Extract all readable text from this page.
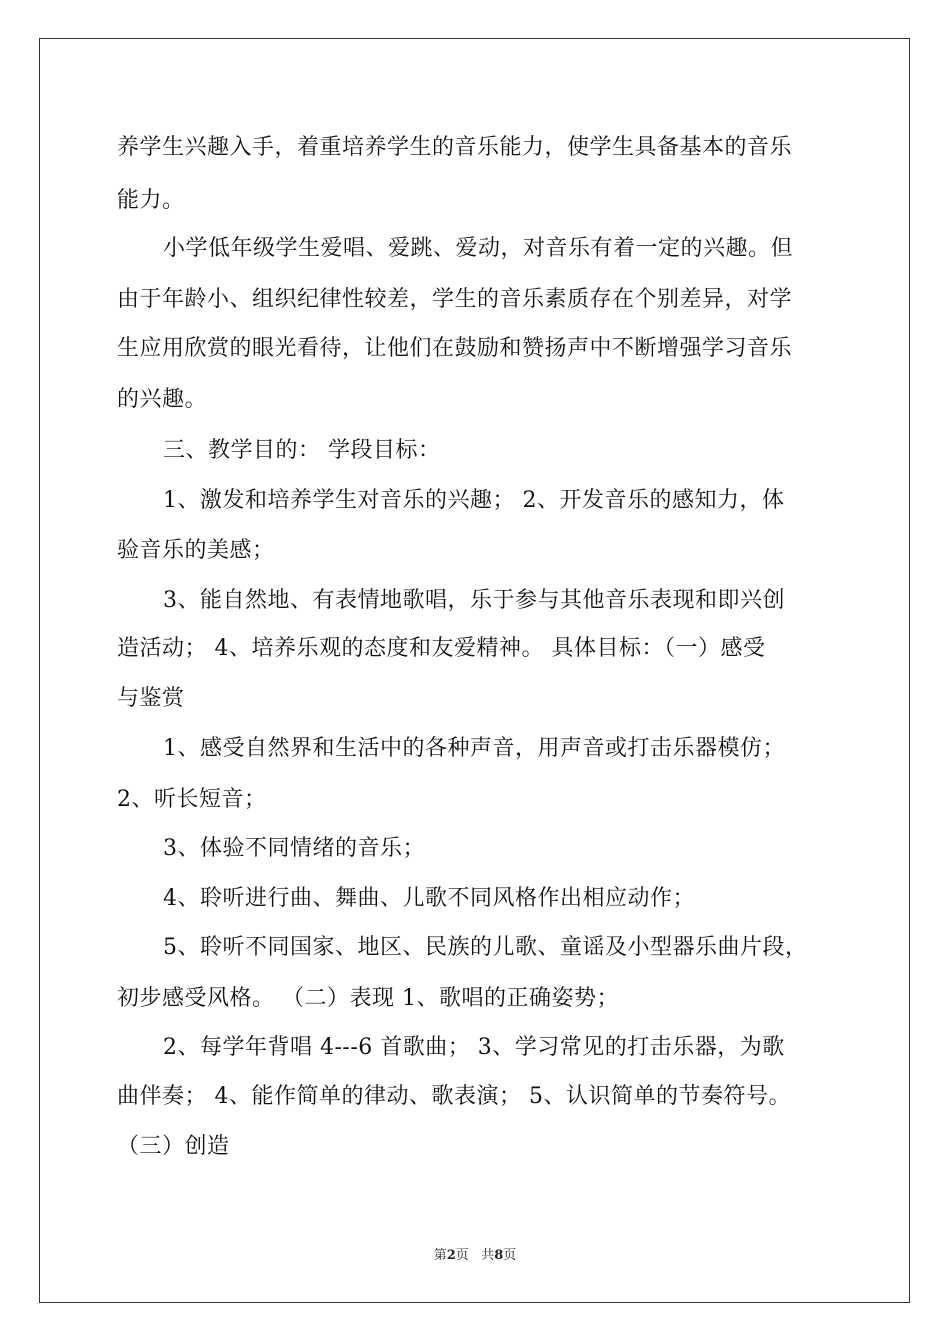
养学生兴趣入手，着重培养学生的音乐能力，使学生具备基本的音乐
能力。
小学低年级学生爱唱、爱跳、爱动，对音乐有着一定的兴趣。但
由于年龄小、组织纪律性较差，学生的音乐素质存在个别差异，对学
生应用欣赏的眼光看待，让他们在鼓励和赞扬声中不断增强学习音乐
的兴趣。
三、教学目的： 学段目标：
1、激发和培养学生对音乐的兴趣； 2、开发音乐的感知力，体
验音乐的美感；
3、能自然地、有表情地歌唱，乐于参与其他音乐表现和即兴创
造活动； 4、培养乐观的态度和友爱精神。 具体目标：（一）感受
与鉴赏
1、感受自然界和生活中的各种声音，用声音或打击乐器模仿；
2、听长短音；
3、体验不同情绪的音乐；
4、聆听进行曲、舞曲、儿歌不同风格作出相应动作；
5、聆听不同国家、地区、民族的儿歌、童谣及小型器乐曲片段，
初步感受风格。 （二）表现 1、歌唱的正确姿势；
2、每学年背唱 4---6 首歌曲； 3、学习常见的打击乐器，为歌
曲伴奏； 4、能作简单的律动、歌表演； 5、认识简单的节奏符号。
（三）创造
第2页 共8页
